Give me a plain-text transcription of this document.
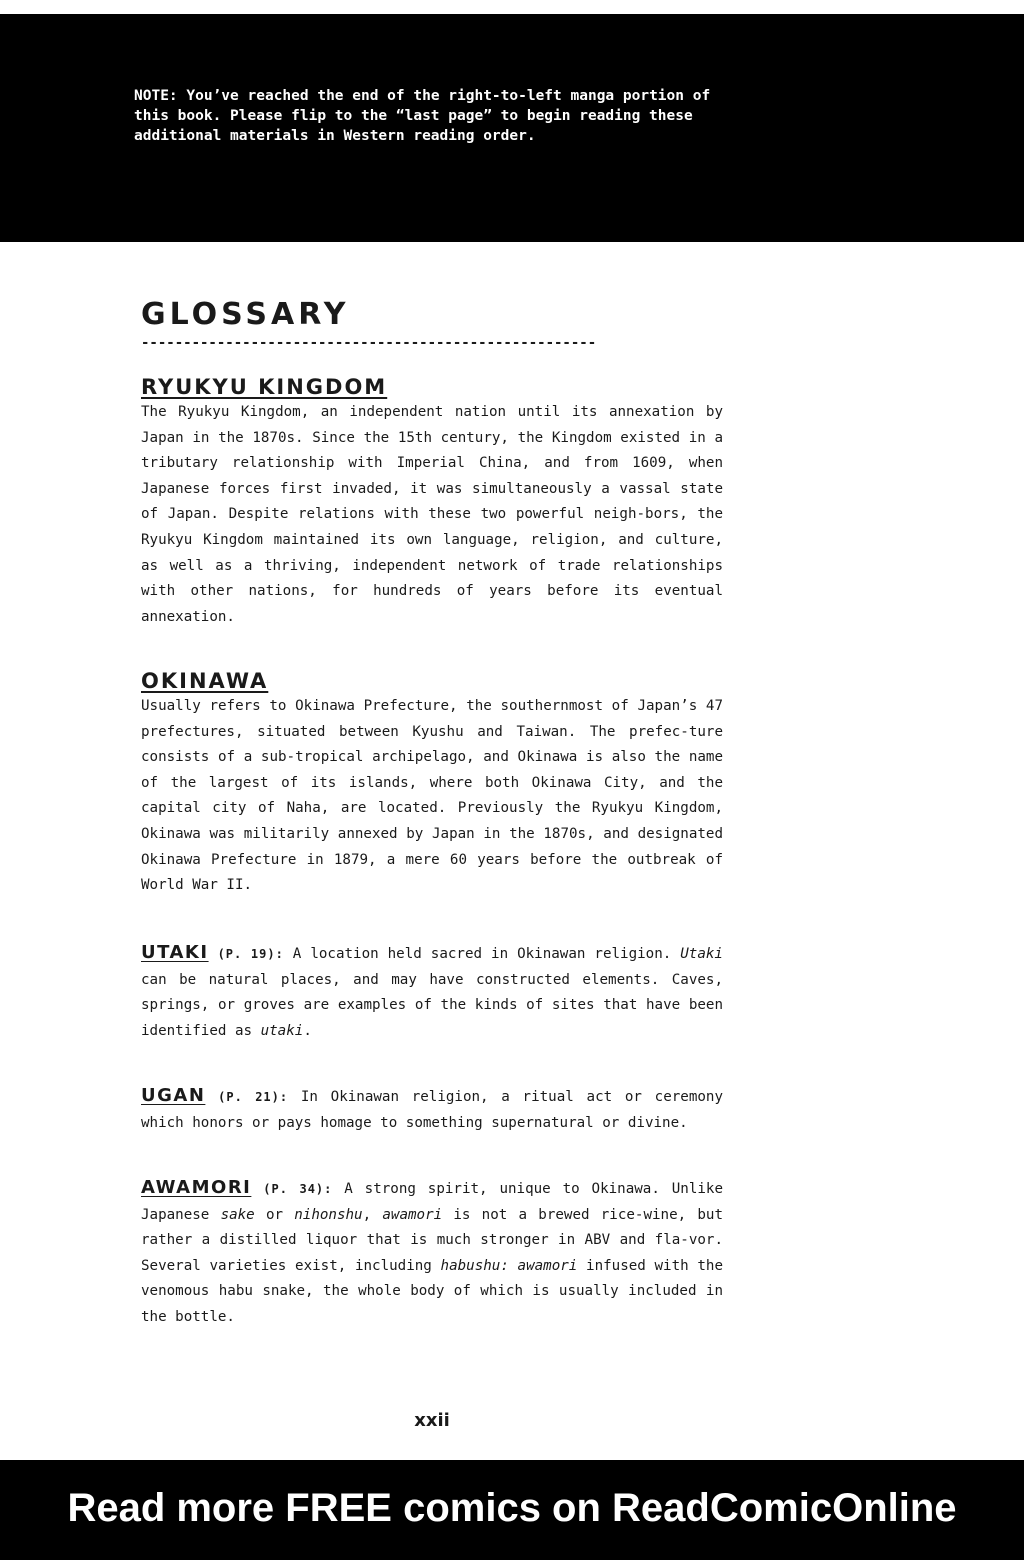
NOTE: You’ve reached the end of the right-to-left manga portion of this book. Please flip to the “last page” to begin reading these additional materials in Western reading order.

GLOSSARY
------------------------------------------------------
RYUKYU KINGDOM

The Ryukyu Kingdom, an independent nation until its annexation by Japan in the 1870s. Since the 15th century, the Kingdom existed in a tributary relationship with Imperial China, and from 1609, when Japanese forces first invaded, it was simultaneously a vassal state of Japan. Despite relations with these two powerful neigh-bors, the Ryukyu Kingdom maintained its own language, religion, and culture, as well as a thriving, independent network of trade relationships with other nations, for hundreds of years before its eventual annexation.

OKINAWA

Usually refers to Okinawa Prefecture, the southernmost of Japan’s 47 prefectures, situated between Kyushu and Taiwan. The prefec-ture consists of a sub-tropical archipelago, and Okinawa is also the name of the largest of its islands, where both Okinawa City, and the capital city of Naha, are located. Previously the Ryukyu Kingdom, Okinawa was militarily annexed by Japan in the 1870s, and designated Okinawa Prefecture in 1879, a mere 60 years before the outbreak of World War II.

UTAKI (P. 19): A location held sacred in Okinawan religion. Utaki can be natural places, and may have constructed elements. Caves, springs, or groves are examples of the kinds of sites that have been identified as utaki.

UGAN (P. 21): In Okinawan religion, a ritual act or ceremony which honors or pays homage to something supernatural or divine.

AWAMORI (P. 34): A strong spirit, unique to Okinawa. Unlike Japanese sake or nihonshu, awamori is not a brewed rice-wine, but rather a distilled liquor that is much stronger in ABV and fla-vor. Several varieties exist, including habushu: awamori infused with the venomous habu snake, the whole body of which is usually included in the bottle.

xxii
Read more FREE comics on ReadComicOnline
